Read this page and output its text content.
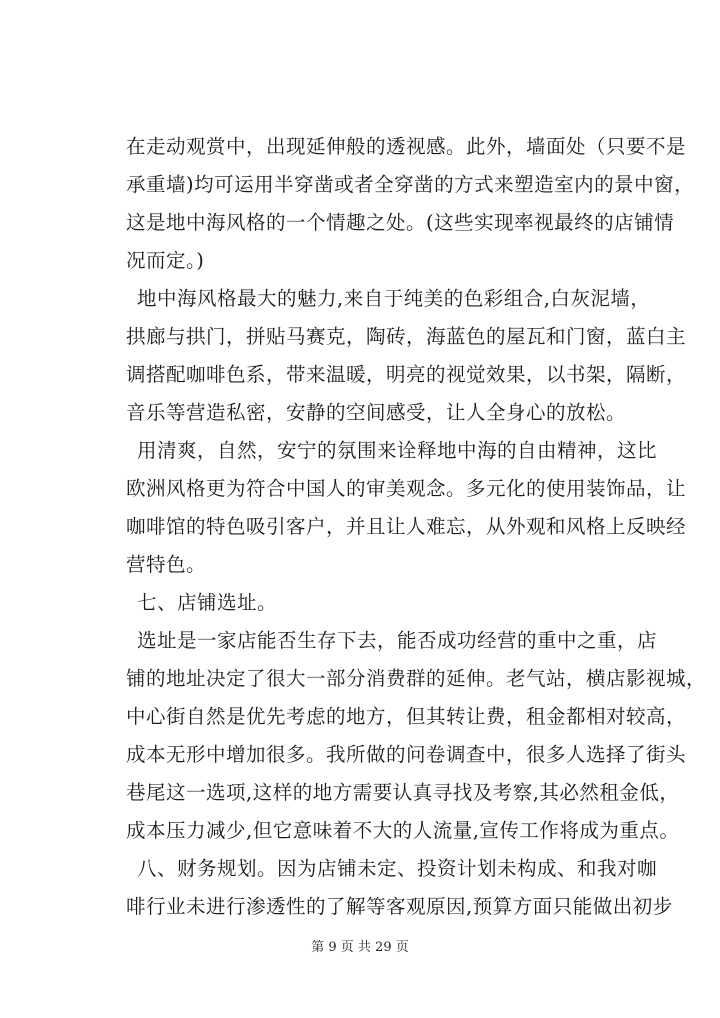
在走动观赏中，出现延伸般的透视感。此外，墙面处（只要不是
承重墙)均可运用半穿凿或者全穿凿的方式来塑造室内的景中窗，
这是地中海风格的一个情趣之处。(这些实现率视最终的店铺情
况而定。)
地中海风格最大的魅力,来自于纯美的色彩组合,白灰泥墙，
拱廊与拱门，拼贴马赛克，陶砖，海蓝色的屋瓦和门窗，蓝白主
调搭配咖啡色系，带来温暖，明亮的视觉效果，以书架，隔断，
音乐等营造私密，安静的空间感受，让人全身心的放松。
用清爽，自然，安宁的氛围来诠释地中海的自由精神，这比
欧洲风格更为符合中国人的审美观念。多元化的使用装饰品，让
咖啡馆的特色吸引客户，并且让人难忘，从外观和风格上反映经
营特色。
七、店铺选址。
选址是一家店能否生存下去，能否成功经营的重中之重，店
铺的地址决定了很大一部分消费群的延伸。老气站，横店影视城，
中心街自然是优先考虑的地方，但其转让费，租金都相对较高，
成本无形中增加很多。我所做的问卷调查中，很多人选择了街头
巷尾这一选项,这样的地方需要认真寻找及考察,其必然租金低，
成本压力减少,但它意味着不大的人流量,宣传工作将成为重点。
八、财务规划。因为店铺未定、投资计划未构成、和我对咖
啡行业未进行渗透性的了解等客观原因,预算方面只能做出初步
第 9 页 共 29 页
